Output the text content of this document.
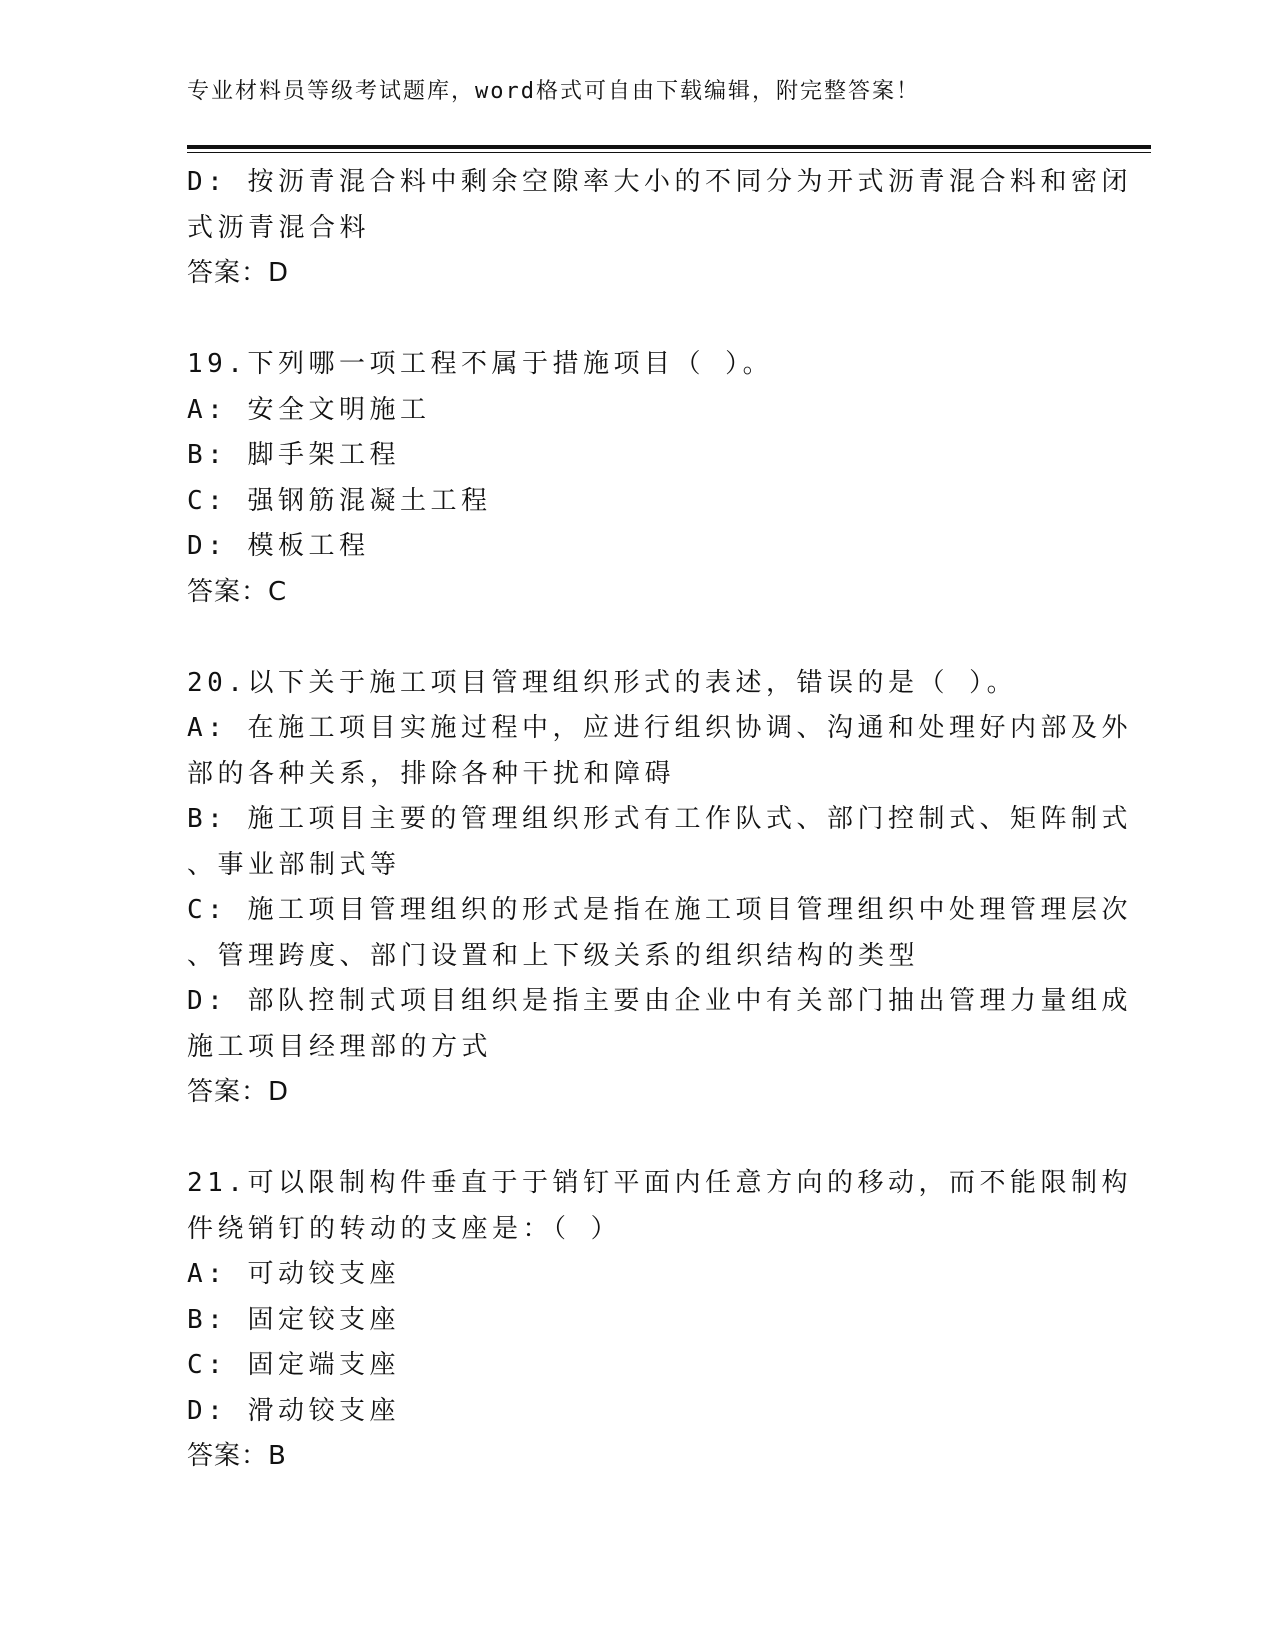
专业材料员等级考试题库，word格式可自由下载编辑，附完整答案！
D: 按沥青混合料中剩余空隙率大小的不同分为开式沥青混合料和密闭
式沥青混合料
答案：D
19.下列哪一项工程不属于措施项目（ ）。
A: 安全文明施工
B: 脚手架工程
C: 强钢筋混凝土工程
D: 模板工程
答案：C
20.以下关于施工项目管理组织形式的表述，错误的是（ ）。
A: 在施工项目实施过程中，应进行组织协调、沟通和处理好内部及外
部的各种关系，排除各种干扰和障碍
B: 施工项目主要的管理组织形式有工作队式、部门控制式、矩阵制式
、事业部制式等
C: 施工项目管理组织的形式是指在施工项目管理组织中处理管理层次
、管理跨度、部门设置和上下级关系的组织结构的类型
D: 部队控制式项目组织是指主要由企业中有关部门抽出管理力量组成
施工项目经理部的方式
答案：D
21.可以限制构件垂直于于销钉平面内任意方向的移动，而不能限制构
件绕销钉的转动的支座是：（ ）
A: 可动铰支座
B: 固定铰支座
C: 固定端支座
D: 滑动铰支座
答案：B
